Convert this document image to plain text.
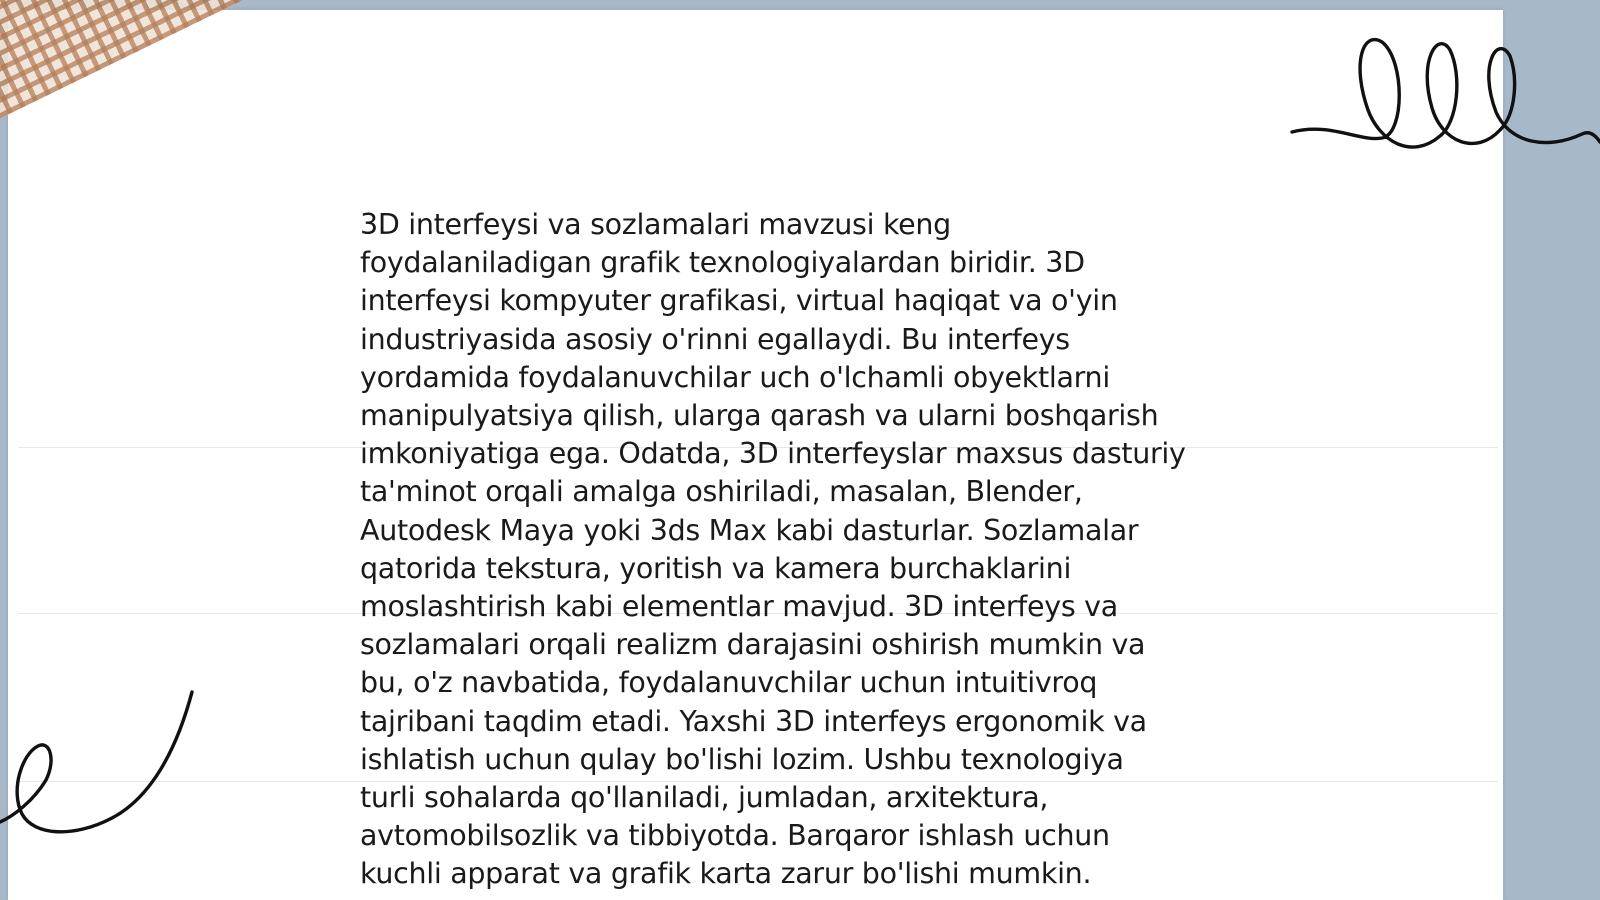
3D interfeysi va sozlamalari mavzusi keng
foydalaniladigan grafik texnologiyalardan biridir. 3D
interfeysi kompyuter grafikasi, virtual haqiqat va o'yin
industriyasida asosiy o'rinni egallaydi. Bu interfeys
yordamida foydalanuvchilar uch o'lchamli obyektlarni
manipulyatsiya qilish, ularga qarash va ularni boshqarish
imkoniyatiga ega. Odatda, 3D interfeyslar maxsus dasturiy
ta'minot orqali amalga oshiriladi, masalan, Blender,
Autodesk Maya yoki 3ds Max kabi dasturlar. Sozlamalar
qatorida tekstura, yoritish va kamera burchaklarini
moslashtirish kabi elementlar mavjud. 3D interfeys va
sozlamalari orqali realizm darajasini oshirish mumkin va
bu, o'z navbatida, foydalanuvchilar uchun intuitivroq
tajribani taqdim etadi. Yaxshi 3D interfeys ergonomik va
ishlatish uchun qulay bo'lishi lozim. Ushbu texnologiya
turli sohalarda qo'llaniladi, jumladan, arxitektura,
avtomobilsozlik va tibbiyotda. Barqaror ishlash uchun
kuchli apparat va grafik karta zarur bo'lishi mumkin.
